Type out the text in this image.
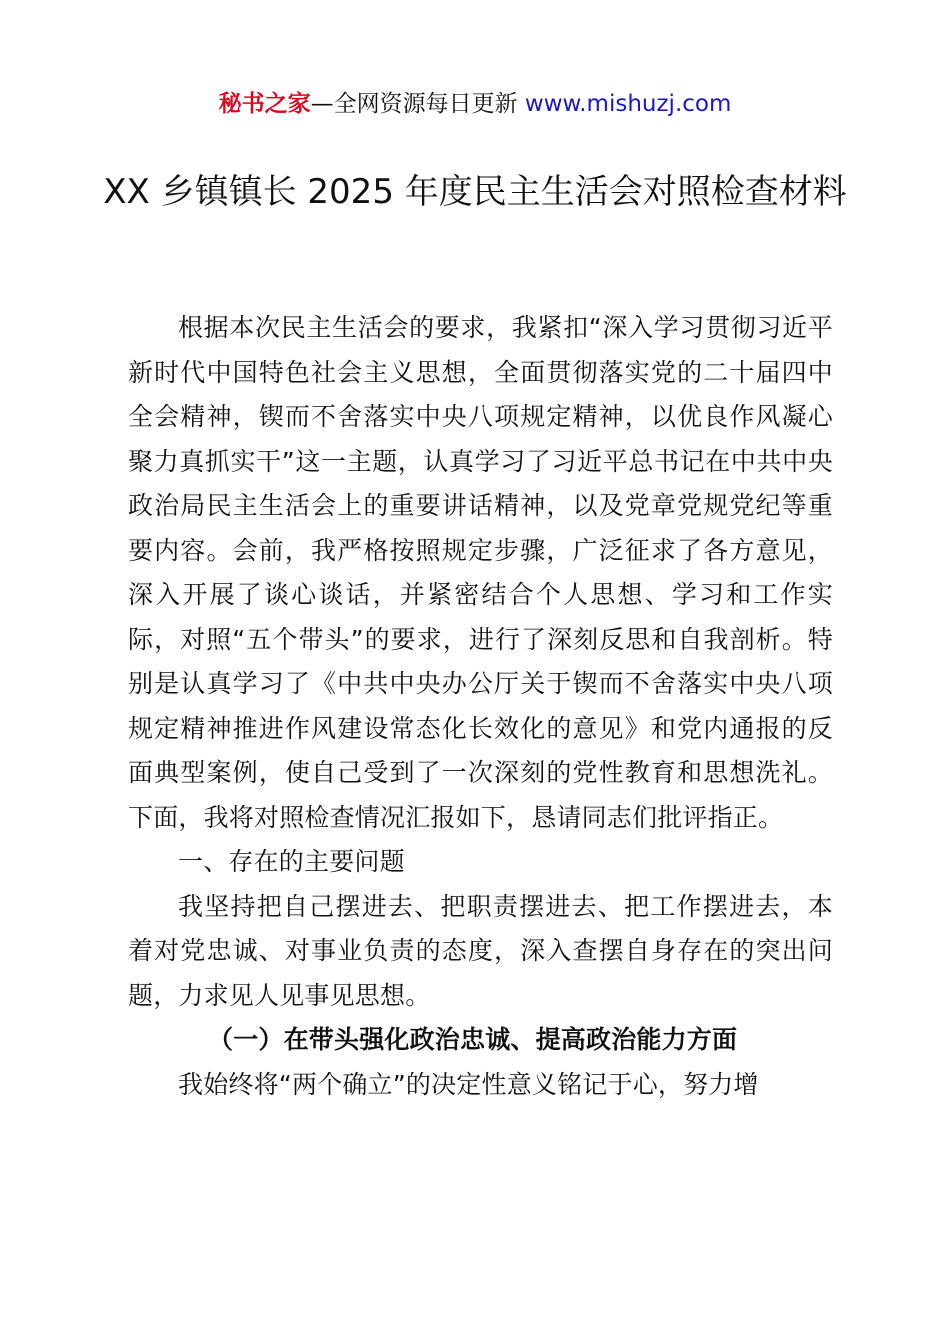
秘书之家—全网资源每日更新 www.mishuzj.com
XX 乡镇镇长 2025 年度民主生活会对照检查材料

根据本次民主生活会的要求，我紧扣“深入学习贯彻习近平新时代中国特色社会主义思想，全面贯彻落实党的二十届四中全会精神，锲而不舍落实中央八项规定精神，以优良作风凝心聚力真抓实干”这一主题，认真学习了习近平总书记在中共中央政治局民主生活会上的重要讲话精神，以及党章党规党纪等重要内容。会前，我严格按照规定步骤，广泛征求了各方意见，深入开展了谈心谈话，并紧密结合个人思想、学习和工作实际，对照“五个带头”的要求，进行了深刻反思和自我剖析。特别是认真学习了《中共中央办公厅关于锲而不舍落实中央八项规定精神推进作风建设常态化长效化的意见》和党内通报的反面典型案例，使自己受到了一次深刻的党性教育和思想洗礼。下面，我将对照检查情况汇报如下，恳请同志们批评指正。

一、存在的主要问题

我坚持把自己摆进去、把职责摆进去、把工作摆进去，本着对党忠诚、对事业负责的态度，深入查摆自身存在的突出问题，力求见人见事见思想。

（一）在带头强化政治忠诚、提高政治能力方面

我始终将“两个确立”的决定性意义铭记于心，努力增
